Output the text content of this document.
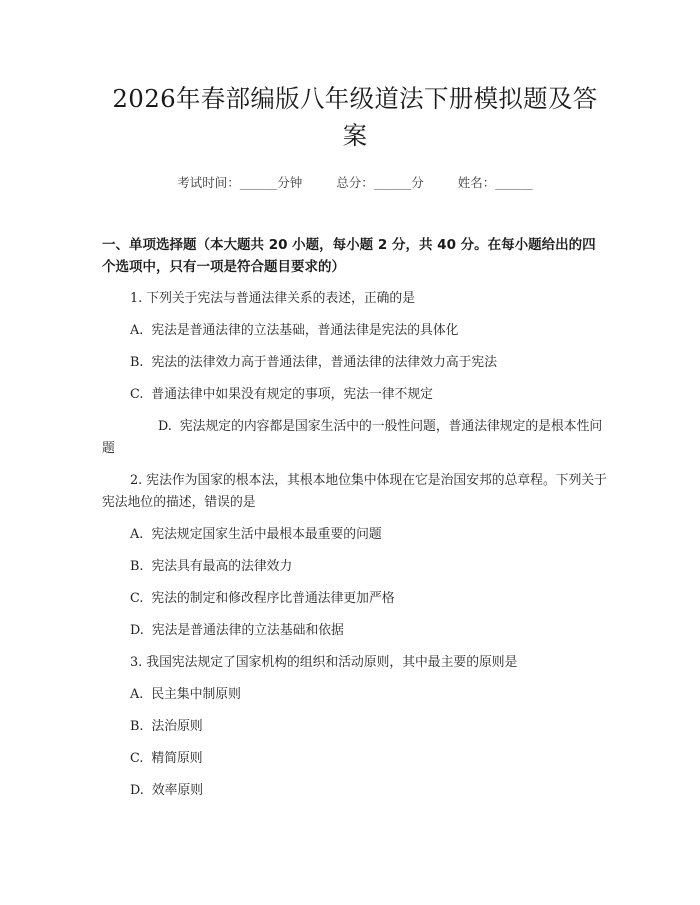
2026年春部编版八年级道法下册模拟题及答案
考试时间：______分钟	总分：______分	姓名：______
一、单项选择题（本大题共 20 小题，每小题 2 分，共 40 分。在每小题给出的四个选项中，只有一项是符合题目要求的）
1. 下列关于宪法与普通法律关系的表述，正确的是
A. 宪法是普通法律的立法基础，普通法律是宪法的具体化
B. 宪法的法律效力高于普通法律，普通法律的法律效力高于宪法
C. 普通法律中如果没有规定的事项，宪法一律不规定
D. 宪法规定的内容都是国家生活中的一般性问题，普通法律规定的是根本性问题
2. 宪法作为国家的根本法，其根本地位集中体现在它是治国安邦的总章程。下列关于宪法地位的描述，错误的是
A. 宪法规定国家生活中最根本最重要的问题
B. 宪法具有最高的法律效力
C. 宪法的制定和修改程序比普通法律更加严格
D. 宪法是普通法律的立法基础和依据
3. 我国宪法规定了国家机构的组织和活动原则，其中最主要的原则是
A. 民主集中制原则
B. 法治原则
C. 精简原则
D. 效率原则
